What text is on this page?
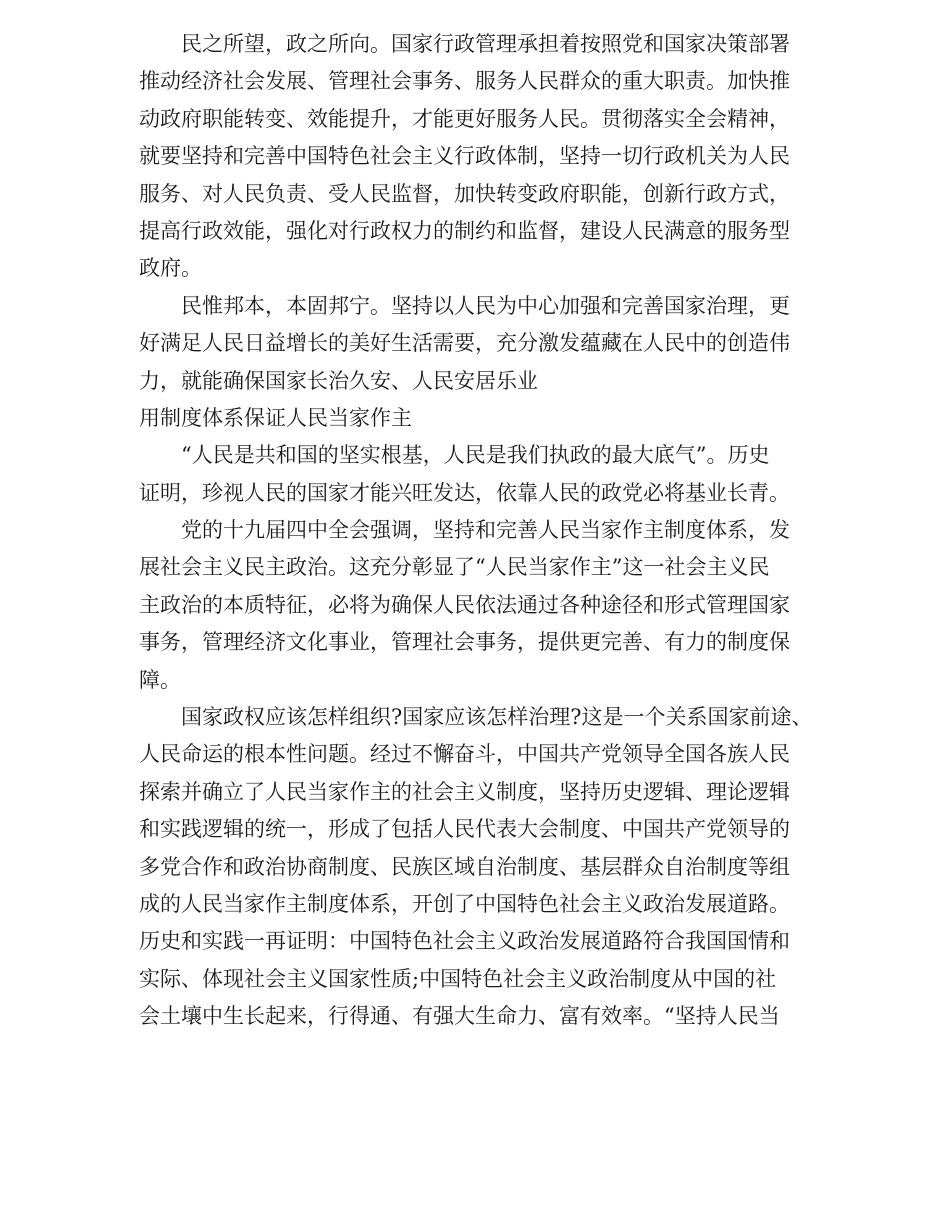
民之所望，政之所向。国家行政管理承担着按照党和国家决策部署
推动经济社会发展、管理社会事务、服务人民群众的重大职责。加快推
动政府职能转变、效能提升，才能更好服务人民。贯彻落实全会精神，
就要坚持和完善中国特色社会主义行政体制，坚持一切行政机关为人民
服务、对人民负责、受人民监督，加快转变政府职能，创新行政方式，
提高行政效能，强化对行政权力的制约和监督，建设人民满意的服务型
政府。

民惟邦本，本固邦宁。坚持以人民为中心加强和完善国家治理，更
好满足人民日益增长的美好生活需要，充分激发蕴藏在人民中的创造伟
力，就能确保国家长治久安、人民安居乐业

用制度体系保证人民当家作主

“人民是共和国的坚实根基，人民是我们执政的最大底气”。历史
证明，珍视人民的国家才能兴旺发达，依靠人民的政党必将基业长青。

党的十九届四中全会强调，坚持和完善人民当家作主制度体系，发
展社会主义民主政治。这充分彰显了“人民当家作主”这一社会主义民
主政治的本质特征，必将为确保人民依法通过各种途径和形式管理国家
事务，管理经济文化事业，管理社会事务，提供更完善、有力的制度保
障。

国家政权应该怎样组织?国家应该怎样治理?这是一个关系国家前途、
人民命运的根本性问题。经过不懈奋斗，中国共产党领导全国各族人民
探索并确立了人民当家作主的社会主义制度，坚持历史逻辑、理论逻辑
和实践逻辑的统一，形成了包括人民代表大会制度、中国共产党领导的
多党合作和政治协商制度、民族区域自治制度、基层群众自治制度等组
成的人民当家作主制度体系，开创了中国特色社会主义政治发展道路。
历史和实践一再证明：中国特色社会主义政治发展道路符合我国国情和
实际、体现社会主义国家性质;中国特色社会主义政治制度从中国的社
会土壤中生长起来，行得通、有强大生命力、富有效率。“坚持人民当
